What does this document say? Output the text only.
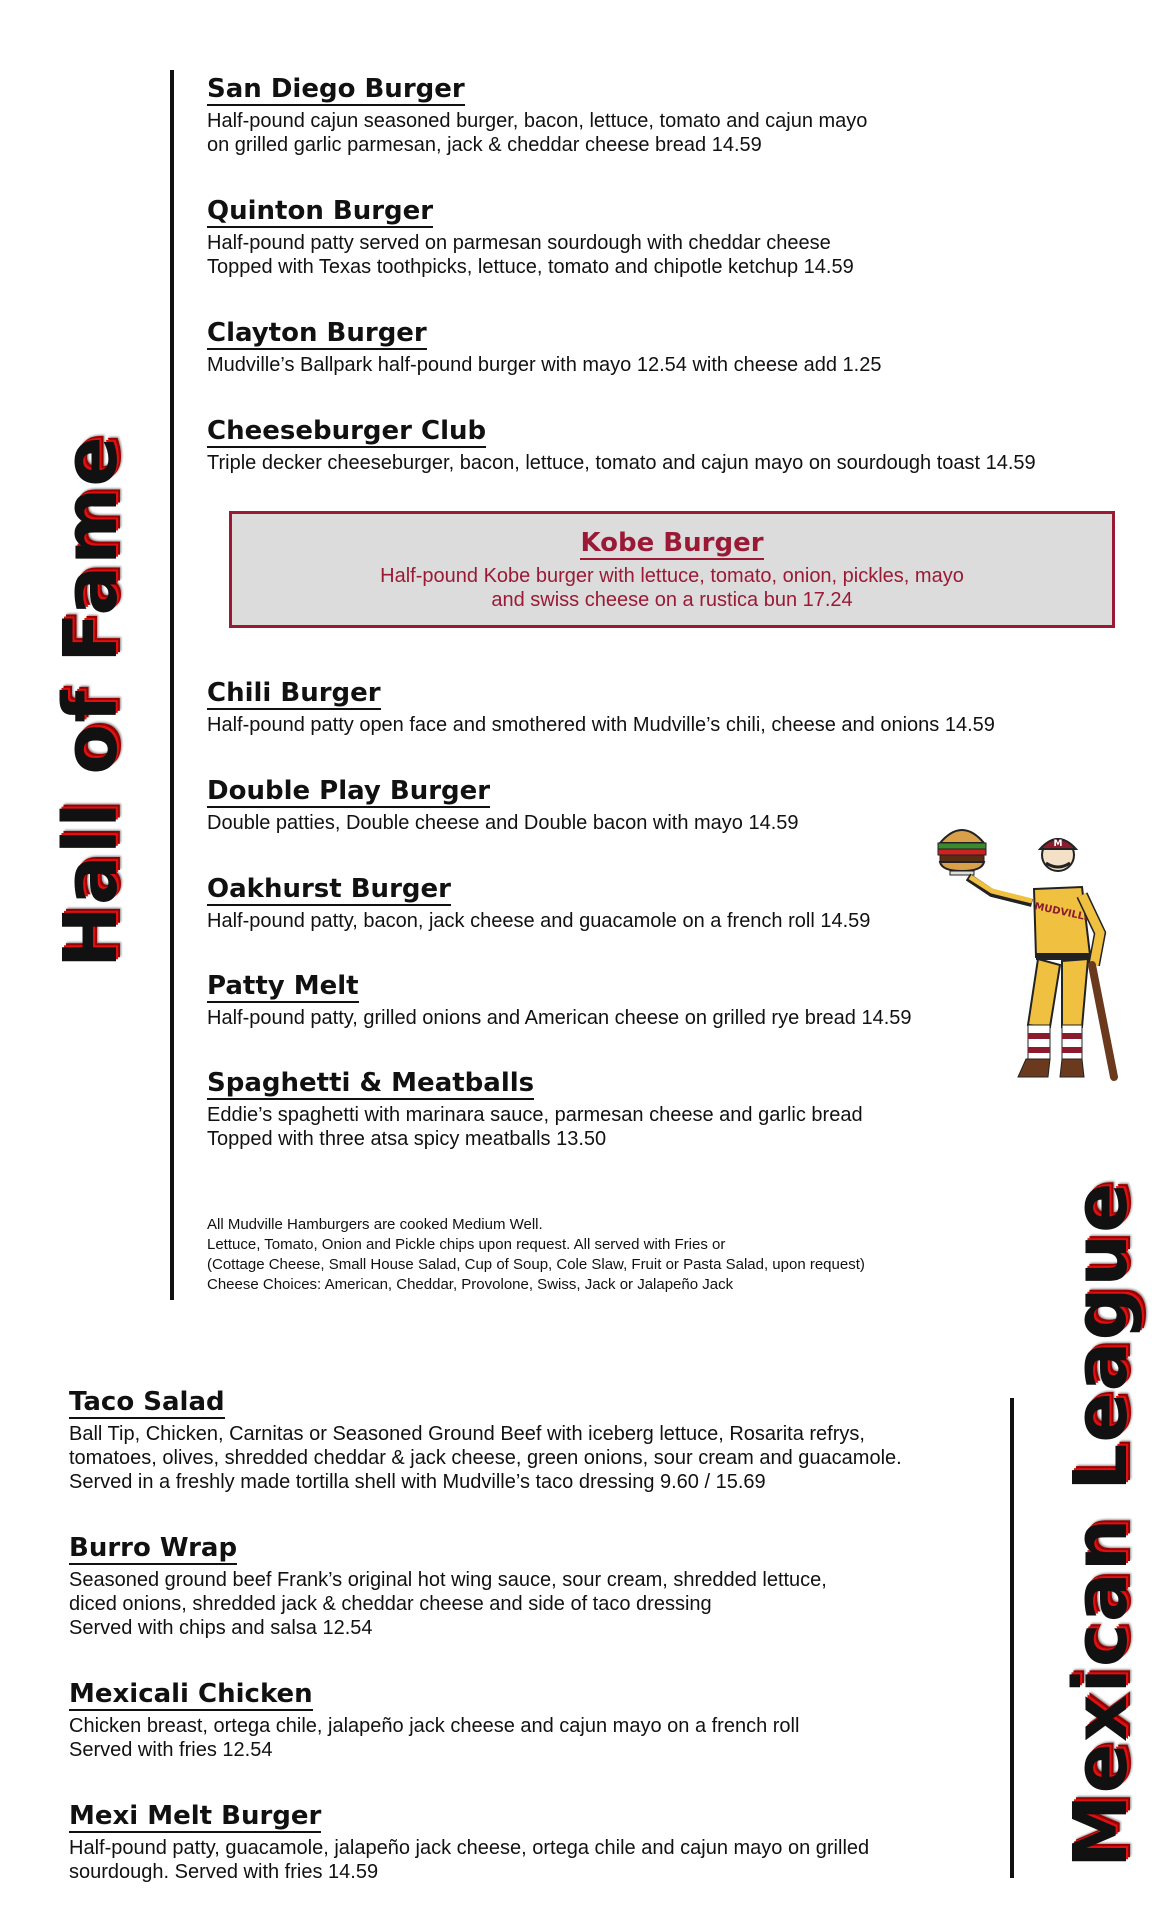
Hall of Fame
San Diego Burger

Half-pound cajun seasoned burger, bacon, lettuce, tomato and cajun mayo
on grilled garlic parmesan, jack & cheddar cheese bread 14.59

Quinton Burger

Half-pound patty served on parmesan sourdough with cheddar cheese
Topped with Texas toothpicks, lettuce, tomato and chipotle ketchup 14.59

Clayton Burger

Mudville’s Ballpark half-pound burger with mayo 12.54 with cheese add 1.25

Cheeseburger Club

Triple decker cheeseburger, bacon, lettuce, tomato and cajun mayo on sourdough toast 14.59

Kobe Burger

Half-pound Kobe burger with lettuce, tomato, onion, pickles, mayo
and swiss cheese on a rustica bun 17.24

Chili Burger

Half-pound patty open face and smothered with Mudville’s chili, cheese and onions 14.59

Double Play Burger

Double patties, Double cheese and Double bacon with mayo 14.59

Oakhurst Burger

Half-pound patty, bacon, jack cheese and guacamole on a french roll 14.59

Patty Melt

Half-pound patty, grilled onions and American cheese on grilled rye bread 14.59

Spaghetti & Meatballs

Eddie’s spaghetti with marinara sauce, parmesan cheese and garlic bread
Topped with three atsa spicy meatballs 13.50

M
MUDVILLE
MUDVILLE
All Mudville Hamburgers are cooked Medium Well.
Lettuce, Tomato, Onion and Pickle chips upon request. All served with Fries or
(Cottage Cheese, Small House Salad, Cup of Soup, Cole Slaw, Fruit or Pasta Salad, upon request)
Cheese Choices: American, Cheddar, Provolone, Swiss, Jack or Jalapeño Jack	Mexican League
Taco Salad

Ball Tip, Chicken, Carnitas or Seasoned Ground Beef with iceberg lettuce, Rosarita refrys,
tomatoes, olives, shredded cheddar & jack cheese, green onions, sour cream and guacamole.
Served in a freshly made tortilla shell with Mudville’s taco dressing 9.60 / 15.69

Burro Wrap

Seasoned ground beef Frank’s original hot wing sauce, sour cream, shredded lettuce,
diced onions, shredded jack & cheddar cheese and side of taco dressing
Served with chips and salsa 12.54

Mexicali Chicken

Chicken breast, ortega chile, jalapeño jack cheese and cajun mayo on a french roll
Served with fries 12.54

Mexi Melt Burger

Half-pound patty, guacamole, jalapeño jack cheese, ortega chile and cajun mayo on grilled
sourdough. Served with fries 14.59
